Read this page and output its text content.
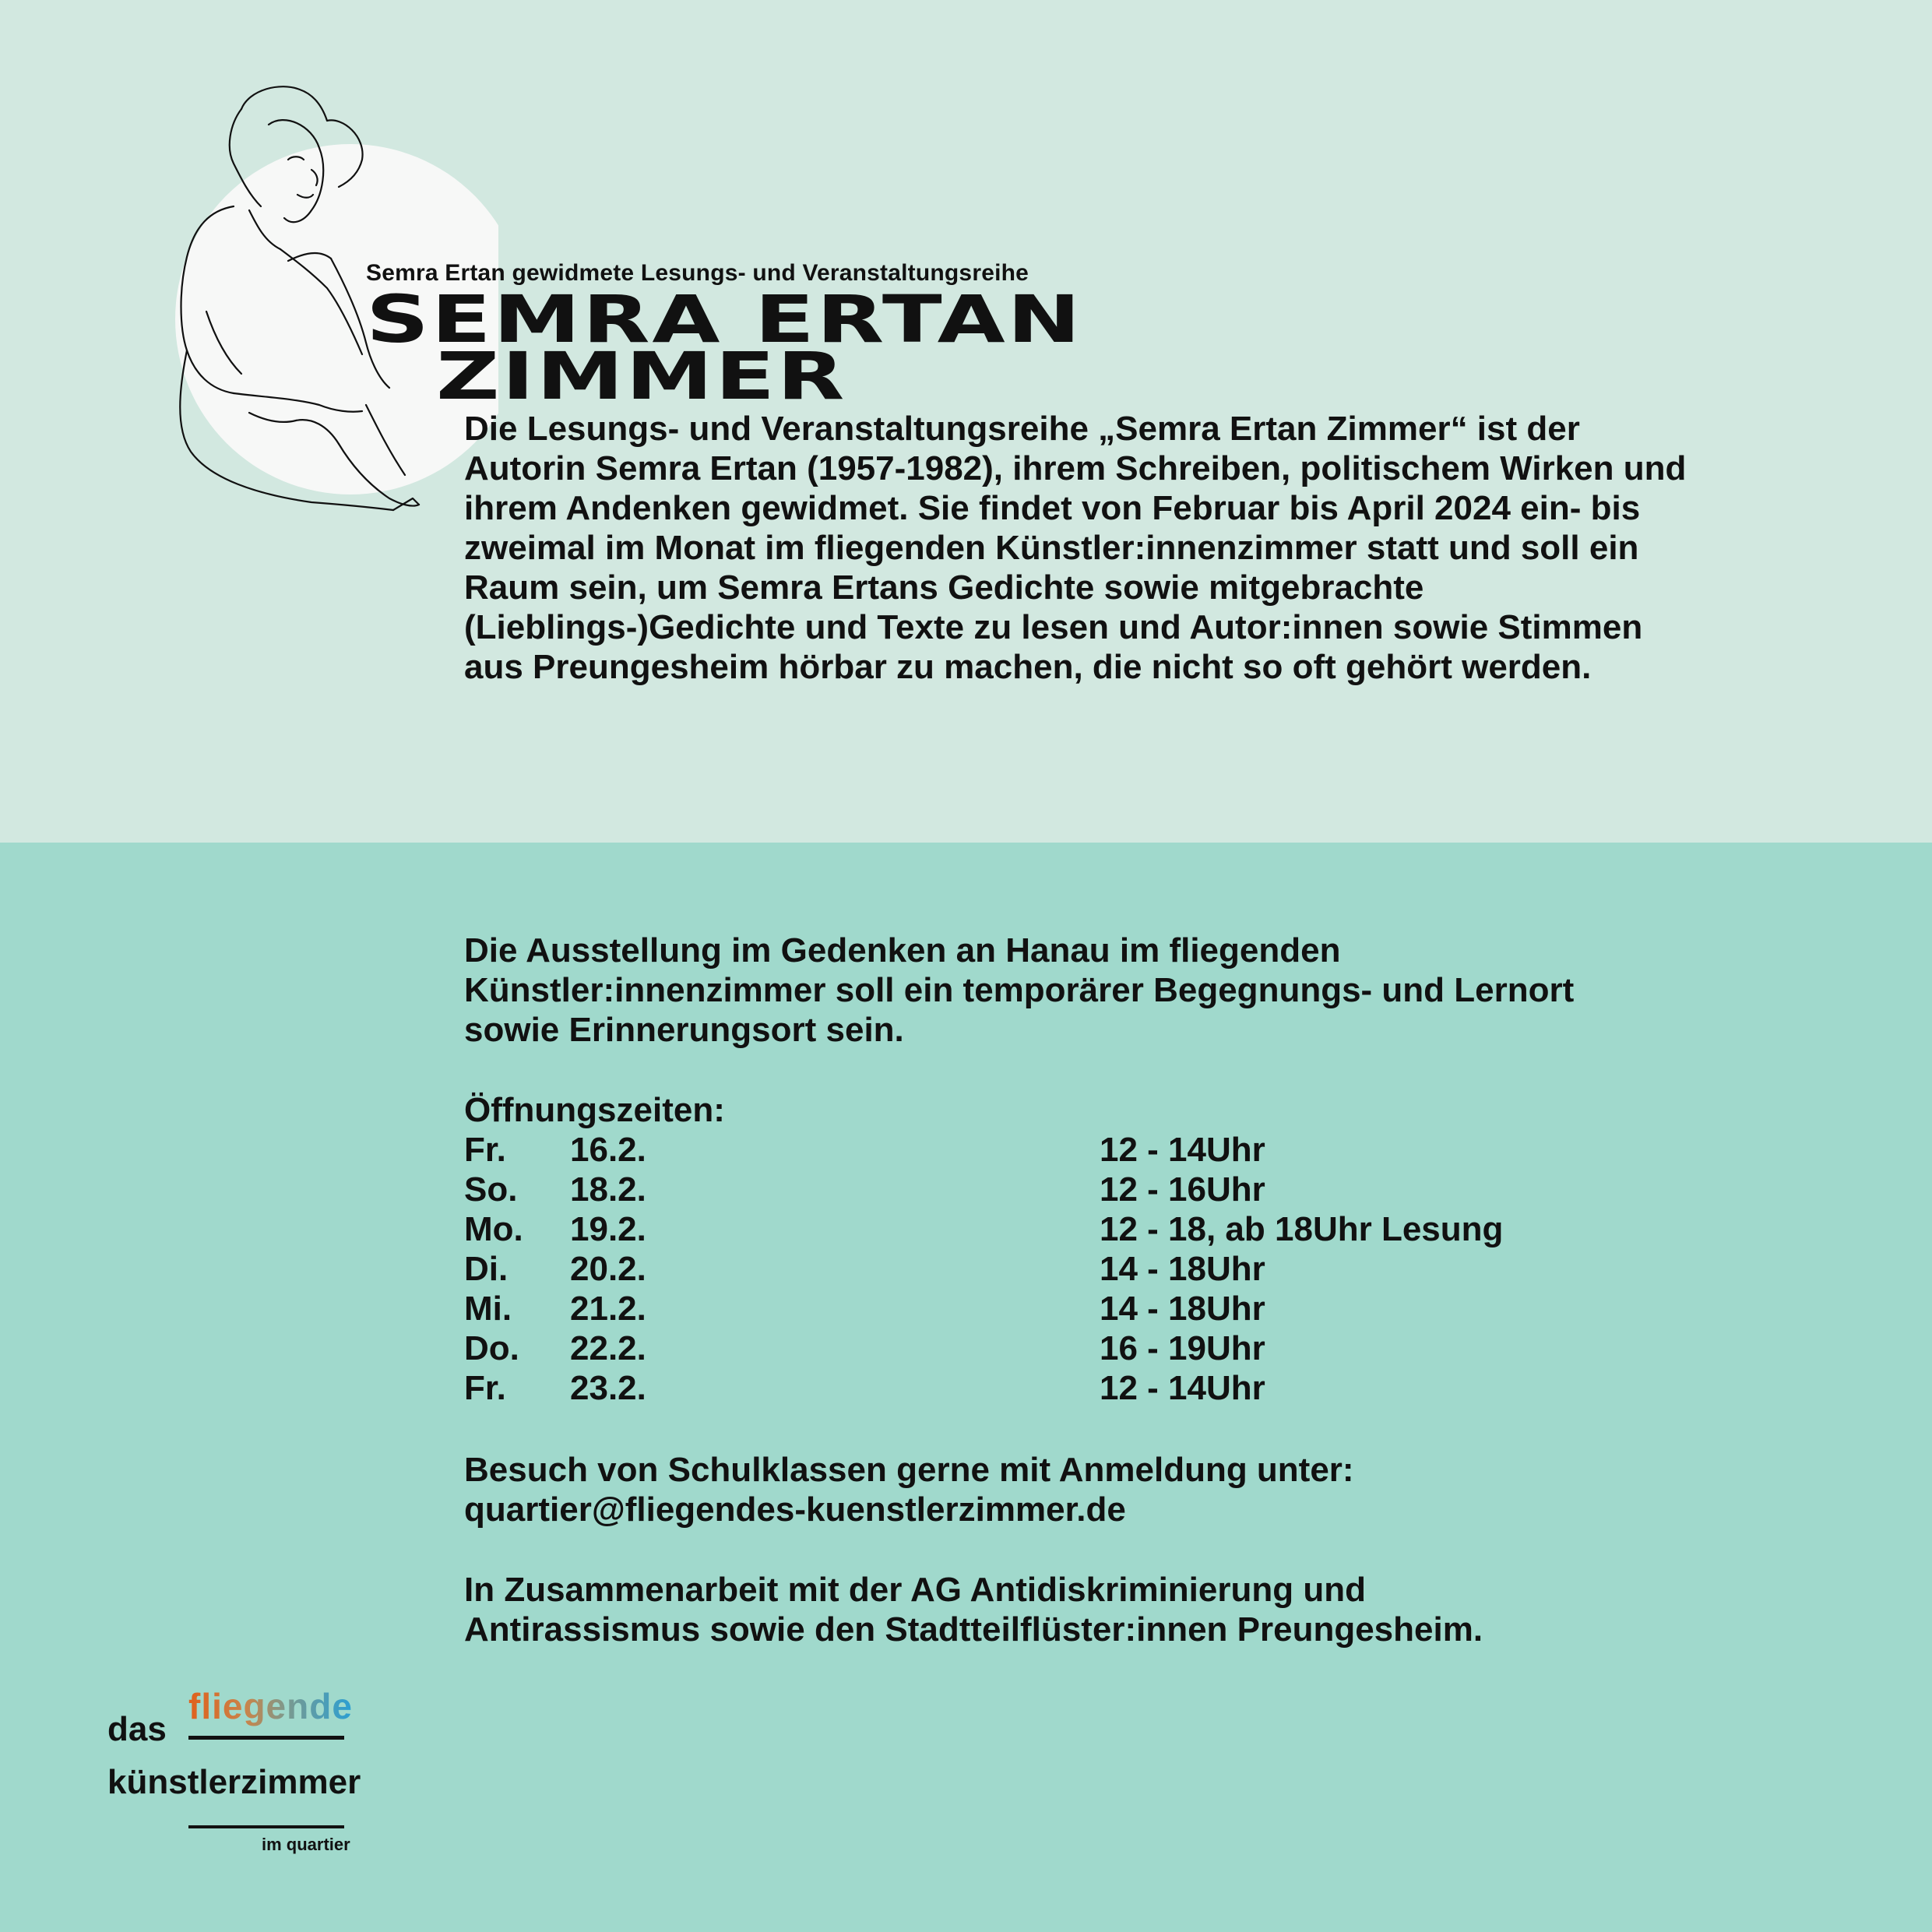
Semra Ertan gewidmete Lesungs- und Veranstaltungsreihe
SEMRA ERTAN
ZIMMER
Die Lesungs- und Veranstaltungsreihe „Semra Ertan Zimmer“ ist der Autorin Semra Ertan (1957-1982), ihrem Schreiben, politischem Wirken und ihrem Andenken gewidmet. Sie findet von Februar bis April 2024 ein- bis zweimal im Monat im fliegenden Künstler:innenzimmer statt und soll ein Raum sein, um Semra Ertans Gedichte sowie mitgebrachte (Lieblings-)Gedichte und Texte zu lesen und Autor:innen sowie Stimmen aus Preungesheim hörbar zu machen, die nicht so oft gehört werden.
Die Ausstellung im Gedenken an Hanau im fliegenden Künstler:innenzimmer soll ein temporärer Begegnungs- und Lernort sowie Erinnerungsort sein.
Öffnungszeiten:
Fr. 16.2.	12 - 14Uhr
So. 18.2.	12 - 16Uhr
Mo. 19.2.	12 - 18, ab 18Uhr Lesung
Di. 20.2.	14 - 18Uhr
Mi. 21.2.	14 - 18Uhr
Do. 22.2.	16 - 19Uhr
Fr. 23.2.	12 - 14Uhr
Besuch von Schulklassen gerne mit Anmeldung unter:
quartier@fliegendes-kuenstlerzimmer.de
In Zusammenarbeit mit der AG Antidiskriminierung und
Antirassismus sowie den Stadtteilflüster:innen Preungesheim.
das
fliegende
künstlerzimmer
im quartier
